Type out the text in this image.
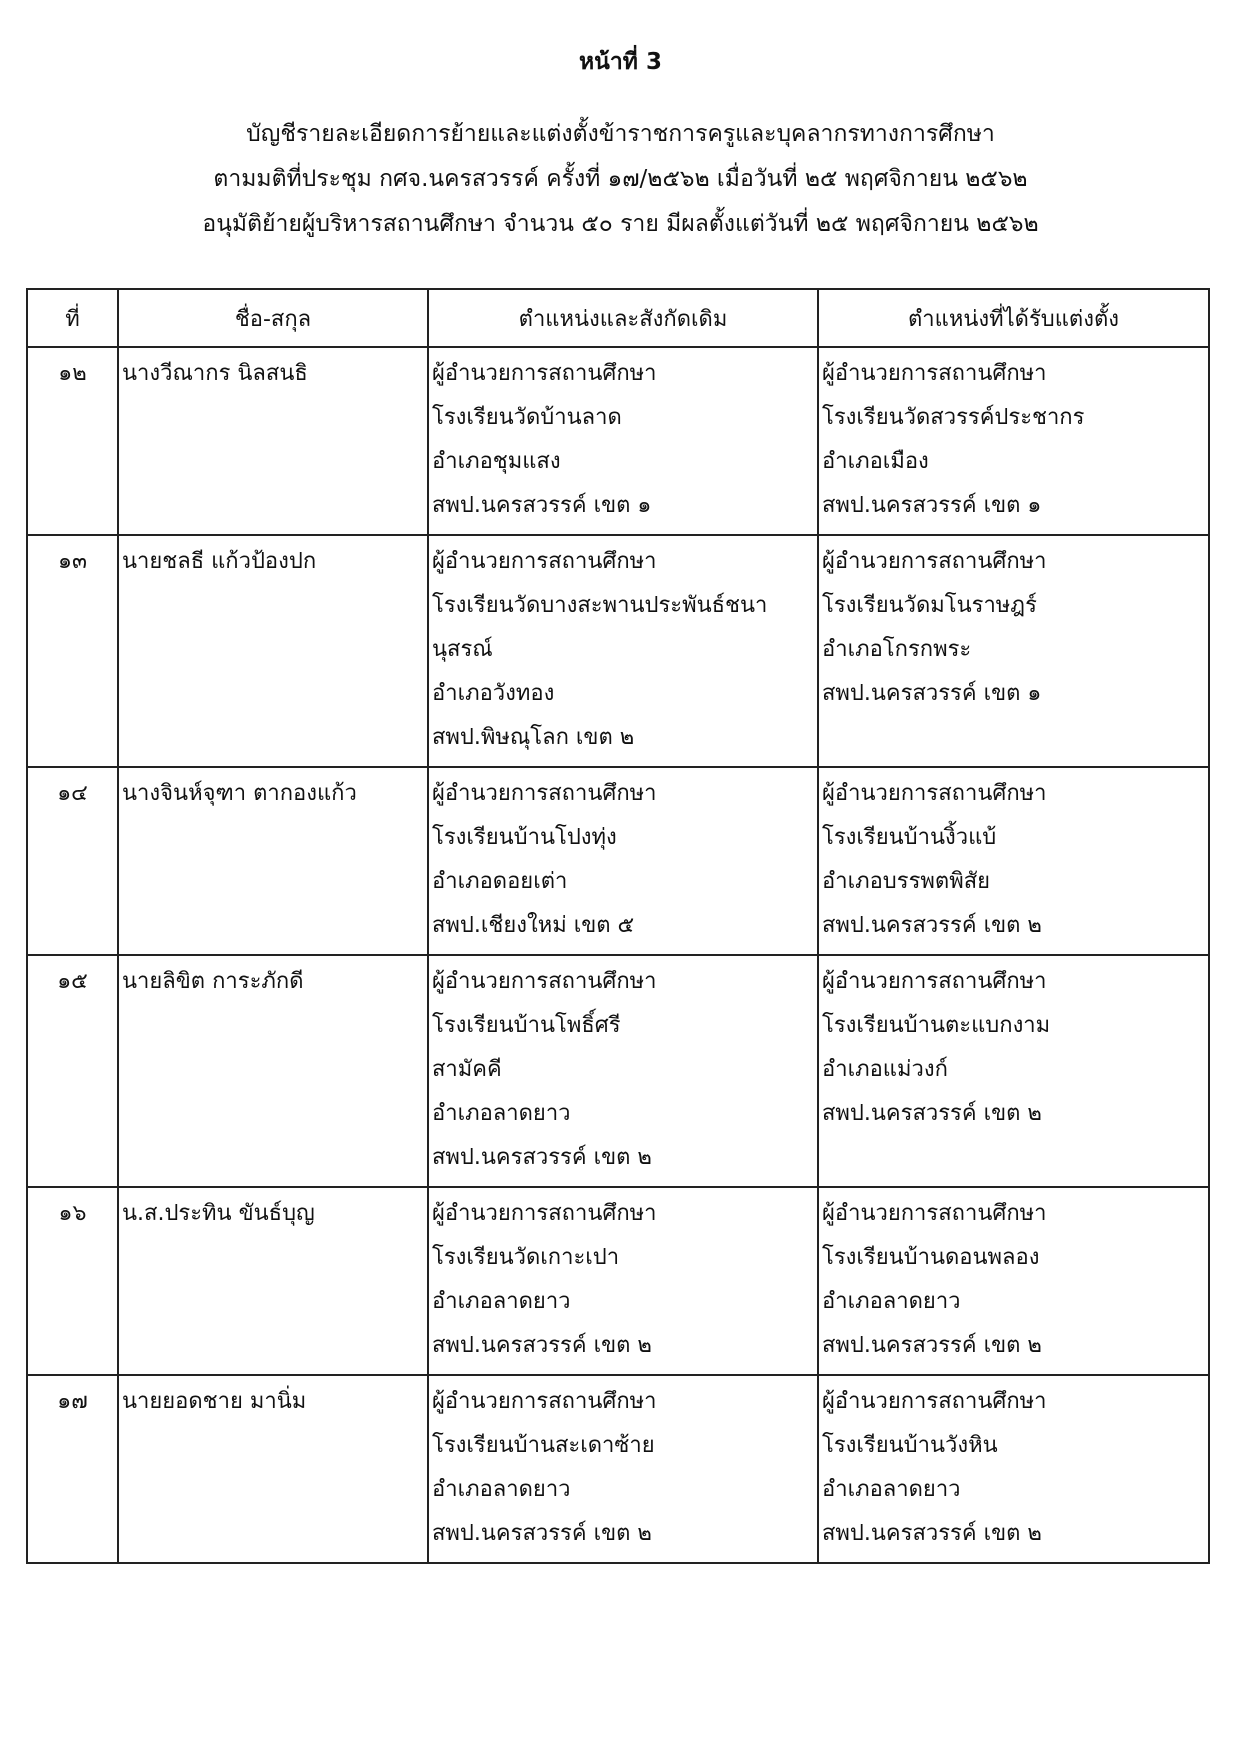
หน้าที่ 3
บัญชีรายละเอียดการย้ายและแต่งตั้งข้าราชการครูและบุคลากรทางการศึกษา
ตามมติที่ประชุม กศจ.นครสวรรค์ ครั้งที่ ๑๗/๒๕๖๒ เมื่อวันที่ ๒๕ พฤศจิกายน ๒๕๖๒
อนุมัติย้ายผู้บริหารสถานศึกษา จำนวน ๕๐ ราย มีผลตั้งแต่วันที่ ๒๕ พฤศจิกายน ๒๕๖๒
ที่	ชื่อ-สกุล	ตำแหน่งและสังกัดเดิม	ตำแหน่งที่ได้รับแต่งตั้ง

๑๒	นางวีณากร นิลสนธิ	ผู้อำนวยการสถานศึกษา
โรงเรียนวัดบ้านลาด
อำเภอชุมแสง
สพป.นครสวรรค์ เขต ๑	ผู้อำนวยการสถานศึกษา
โรงเรียนวัดสวรรค์ประชากร
อำเภอเมือง
สพป.นครสวรรค์ เขต ๑

๑๓	นายชลธี แก้วป้องปก	ผู้อำนวยการสถานศึกษา
โรงเรียนวัดบางสะพานประพันธ์ชนา
นุสรณ์
อำเภอวังทอง
สพป.พิษณุโลก เขต ๒	ผู้อำนวยการสถานศึกษา
โรงเรียนวัดมโนราษฎร์
อำเภอโกรกพระ
สพป.นครสวรรค์ เขต ๑

๑๔	นางจินห์จุฑา ตากองแก้ว	ผู้อำนวยการสถานศึกษา
โรงเรียนบ้านโปงทุ่ง
อำเภอดอยเต่า
สพป.เชียงใหม่ เขต ๕	ผู้อำนวยการสถานศึกษา
โรงเรียนบ้านงิ้วแบ้
อำเภอบรรพตพิสัย
สพป.นครสวรรค์ เขต ๒

๑๕	นายลิขิต การะภักดี	ผู้อำนวยการสถานศึกษา
โรงเรียนบ้านโพธิ์ศรี
สามัคคี
อำเภอลาดยาว
สพป.นครสวรรค์ เขต ๒	ผู้อำนวยการสถานศึกษา
โรงเรียนบ้านตะแบกงาม
อำเภอแม่วงก์
สพป.นครสวรรค์ เขต ๒

๑๖	น.ส.ประทิน ขันธ์บุญ	ผู้อำนวยการสถานศึกษา
โรงเรียนวัดเกาะเปา
อำเภอลาดยาว
สพป.นครสวรรค์ เขต ๒	ผู้อำนวยการสถานศึกษา
โรงเรียนบ้านดอนพลอง
อำเภอลาดยาว
สพป.นครสวรรค์ เขต ๒

๑๗	นายยอดชาย มานิ่ม	ผู้อำนวยการสถานศึกษา
โรงเรียนบ้านสะเดาซ้าย
อำเภอลาดยาว
สพป.นครสวรรค์ เขต ๒	ผู้อำนวยการสถานศึกษา
โรงเรียนบ้านวังหิน
อำเภอลาดยาว
สพป.นครสวรรค์ เขต ๒
